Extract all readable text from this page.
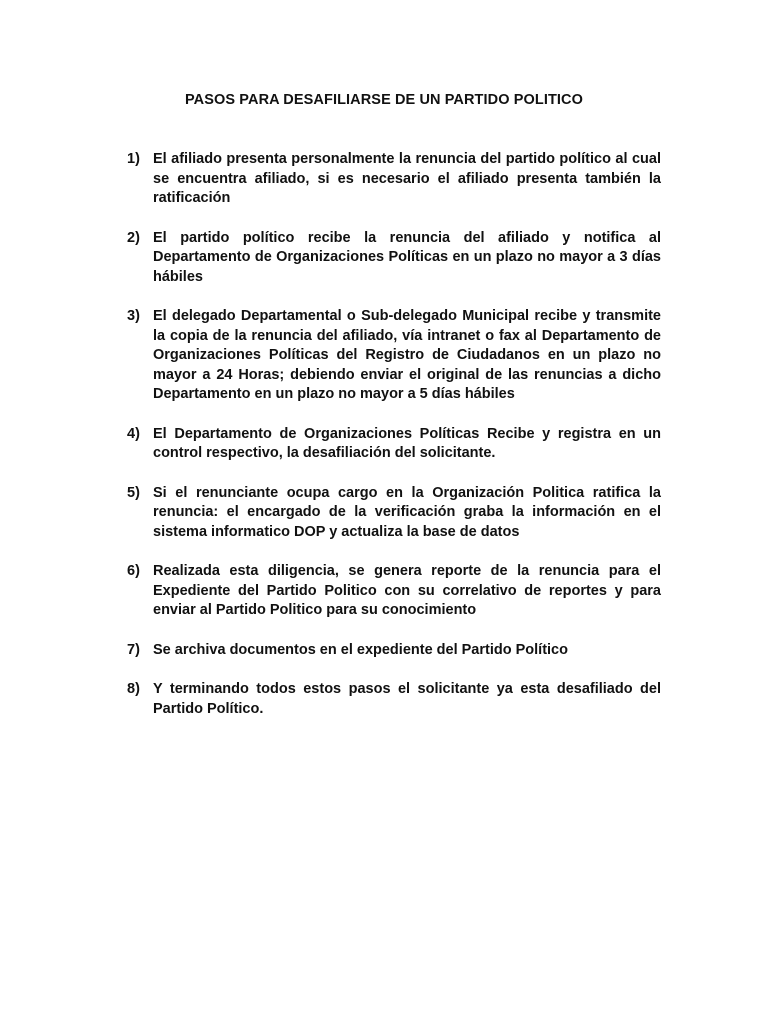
PASOS PARA DESAFILIARSE DE UN PARTIDO POLITICO
1) El afiliado presenta personalmente la renuncia del partido político al cual se encuentra afiliado, si es necesario el afiliado presenta también la ratificación
2) El partido político recibe la renuncia del afiliado y notifica al Departamento de Organizaciones Políticas en un plazo no mayor a 3 días hábiles
3) El delegado Departamental o Sub-delegado Municipal recibe y transmite la copia de la renuncia del afiliado, vía intranet o fax al Departamento de Organizaciones Políticas del Registro de Ciudadanos en un plazo no mayor a 24 Horas; debiendo enviar el original de las renuncias a dicho Departamento en un plazo no mayor a 5 días hábiles
4) El Departamento de Organizaciones Políticas Recibe y registra en un control respectivo, la desafiliación del solicitante.
5) Si el renunciante ocupa cargo en la Organización Politica ratifica la renuncia: el encargado de la verificación graba la información en el sistema informatico DOP y actualiza la base de datos
6) Realizada esta diligencia, se genera reporte de la renuncia para el Expediente del Partido Politico con su correlativo de reportes y para enviar al Partido Politico para su conocimiento
7) Se archiva documentos en el expediente del Partido Político
8) Y terminando todos estos pasos el solicitante ya esta desafiliado del Partido Político.
